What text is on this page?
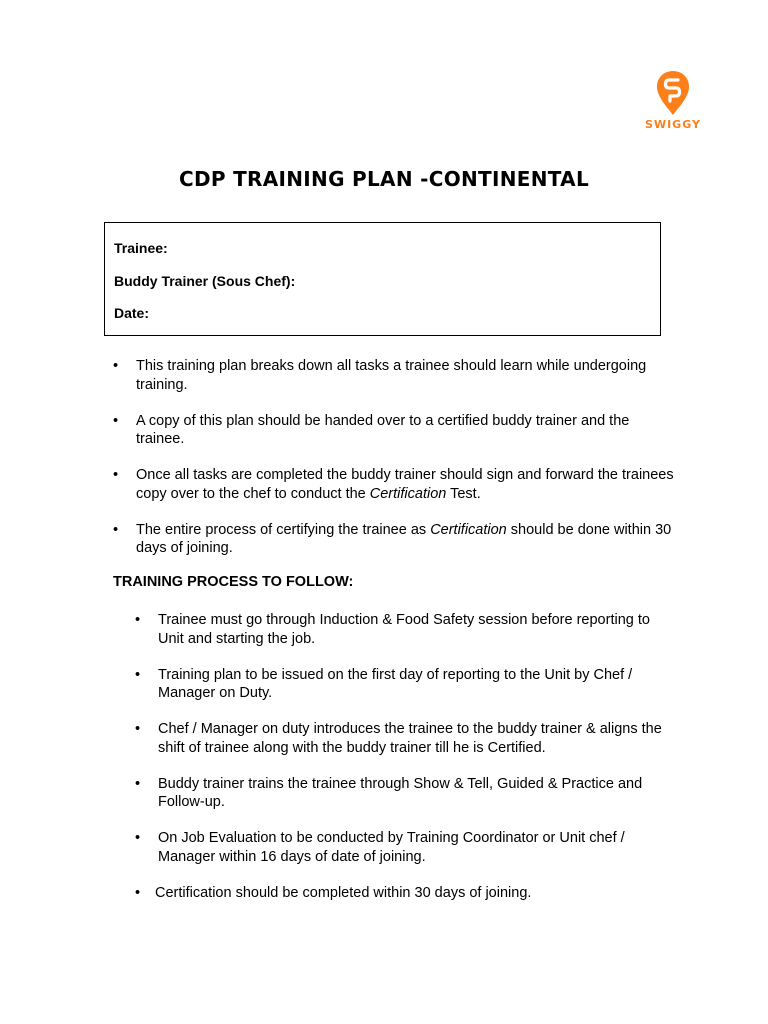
SWIGGY
CDP TRAINING PLAN -CONTINENTAL
Trainee:
Buddy Trainer (Sous Chef):
Date:
• This training plan breaks down all tasks a trainee should learn while undergoing training.
• A copy of this plan should be handed over to a certified buddy trainer and the trainee.
• Once all tasks are completed the buddy trainer should sign and forward the trainees copy over to the chef to conduct the Certification Test.
• The entire process of certifying the trainee as Certification should be done within 30 days of joining.
TRAINING PROCESS TO FOLLOW:
• Trainee must go through Induction & Food Safety session before reporting to Unit and starting the job.
• Training plan to be issued on the first day of reporting to the Unit by Chef / Manager on Duty.
• Chef / Manager on duty introduces the trainee to the buddy trainer & aligns the shift of trainee along with the buddy trainer till he is Certified.
• Buddy trainer trains the trainee through Show & Tell, Guided & Practice and Follow-up.
• On Job Evaluation to be conducted by Training Coordinator or Unit chef / Manager within 16 days of date of joining.
• Certification should be completed within 30 days of joining.
